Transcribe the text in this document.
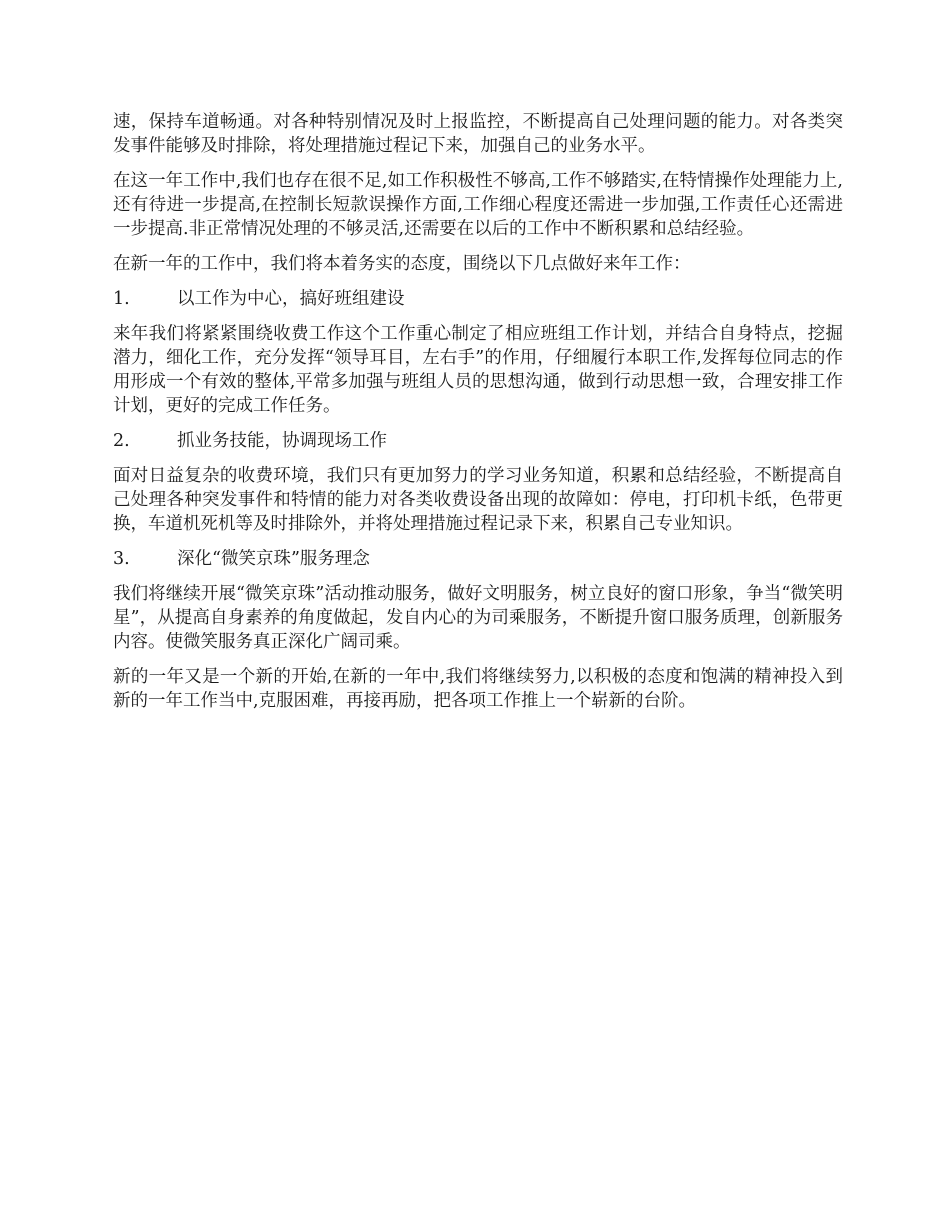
速，保持车道畅通。对各种特别情况及时上报监控，不断提高自己处理问题的能力。对各类突发事件能够及时排除，将处理措施过程记下来，加强自己的业务水平。

在这一年工作中,我们也存在很不足,如工作积极性不够高,工作不够踏实,在特情操作处理能力上,还有待进一步提高,在控制长短款误操作方面,工作细心程度还需进一步加强,工作责任心还需进一步提高.非正常情况处理的不够灵活,还需要在以后的工作中不断积累和总结经验。

在新一年的工作中，我们将本着务实的态度，围绕以下几点做好来年工作：

1.	以工作为中心，搞好班组建设

来年我们将紧紧围绕收费工作这个工作重心制定了相应班组工作计划，并结合自身特点，挖掘潜力，细化工作，充分发挥“领导耳目，左右手”的作用，仔细履行本职工作,发挥每位同志的作用形成一个有效的整体,平常多加强与班组人员的思想沟通，做到行动思想一致，合理安排工作计划，更好的完成工作任务。

2.	抓业务技能，协调现场工作

面对日益复杂的收费环境，我们只有更加努力的学习业务知道，积累和总结经验，不断提高自己处理各种突发事件和特情的能力对各类收费设备出现的故障如：停电，打印机卡纸，色带更换，车道机死机等及时排除外，并将处理措施过程记录下来，积累自己专业知识。

3.	深化“微笑京珠”服务理念

我们将继续开展“微笑京珠”活动推动服务，做好文明服务，树立良好的窗口形象，争当“微笑明星”，从提高自身素养的角度做起，发自内心的为司乘服务，不断提升窗口服务质理，创新服务内容。使微笑服务真正深化广阔司乘。

新的一年又是一个新的开始,在新的一年中,我们将继续努力,以积极的态度和饱满的精神投入到新的一年工作当中,克服困难，再接再励，把各项工作推上一个崭新的台阶。
